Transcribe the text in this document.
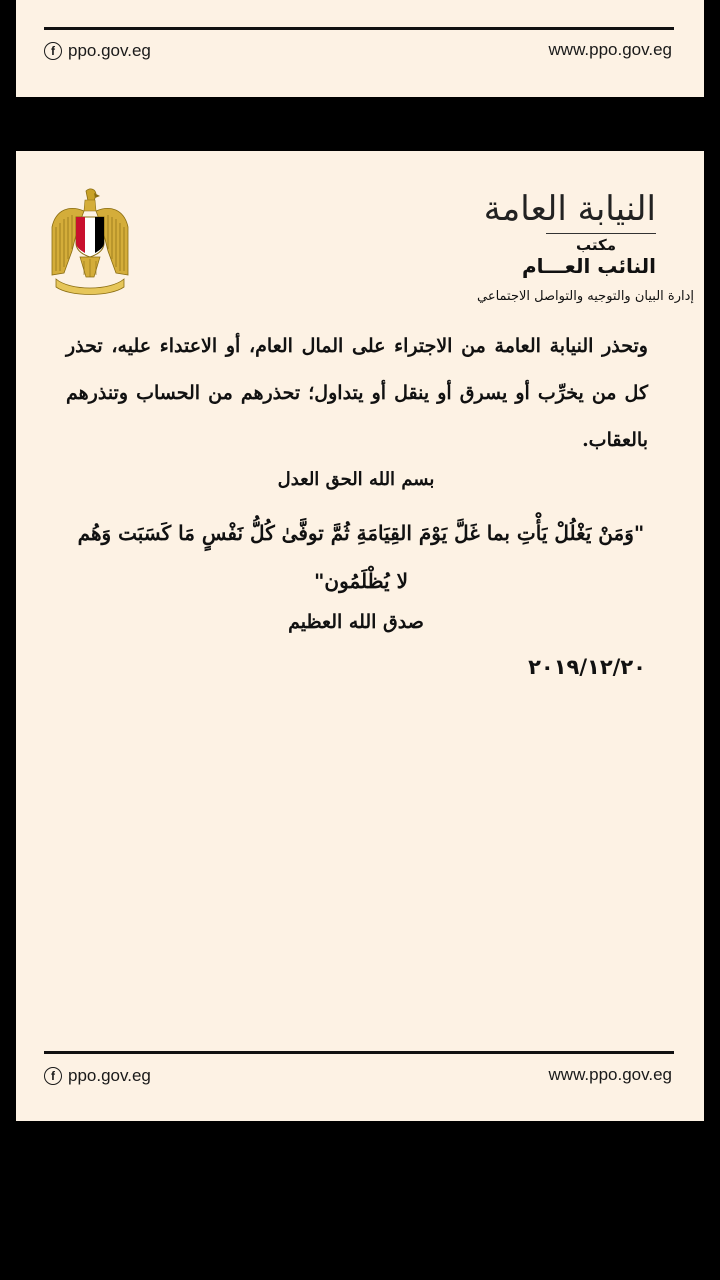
f ppo.gov.eg	www.ppo.gov.eg
النيابة العامة
مكتب
النائب العـــام
إدارة البيان والتوجيه والتواصل الاجتماعي
وتحذر النيابة العامة من الاجتراء على المال العام، أو الاعتداء عليه، تحذر كل من يخرِّب أو يسرق أو ينقل أو يتداول؛ تحذرهم من الحساب وتنذرهم بالعقاب.
بسم الله الحق العدل
"وَمَنْ يَغْلُلْ يَأْتِ بما غَلَّ يَوْمَ القِيَامَةِ ثُمَّ توفَّىٰ كُلُّ نَفْسٍ مَا كَسَبَت وَهُم لا يُظْلَمُون"
صدق الله العظيم
٢٠١٩/١٢/٢٠
f ppo.gov.eg	www.ppo.gov.eg
